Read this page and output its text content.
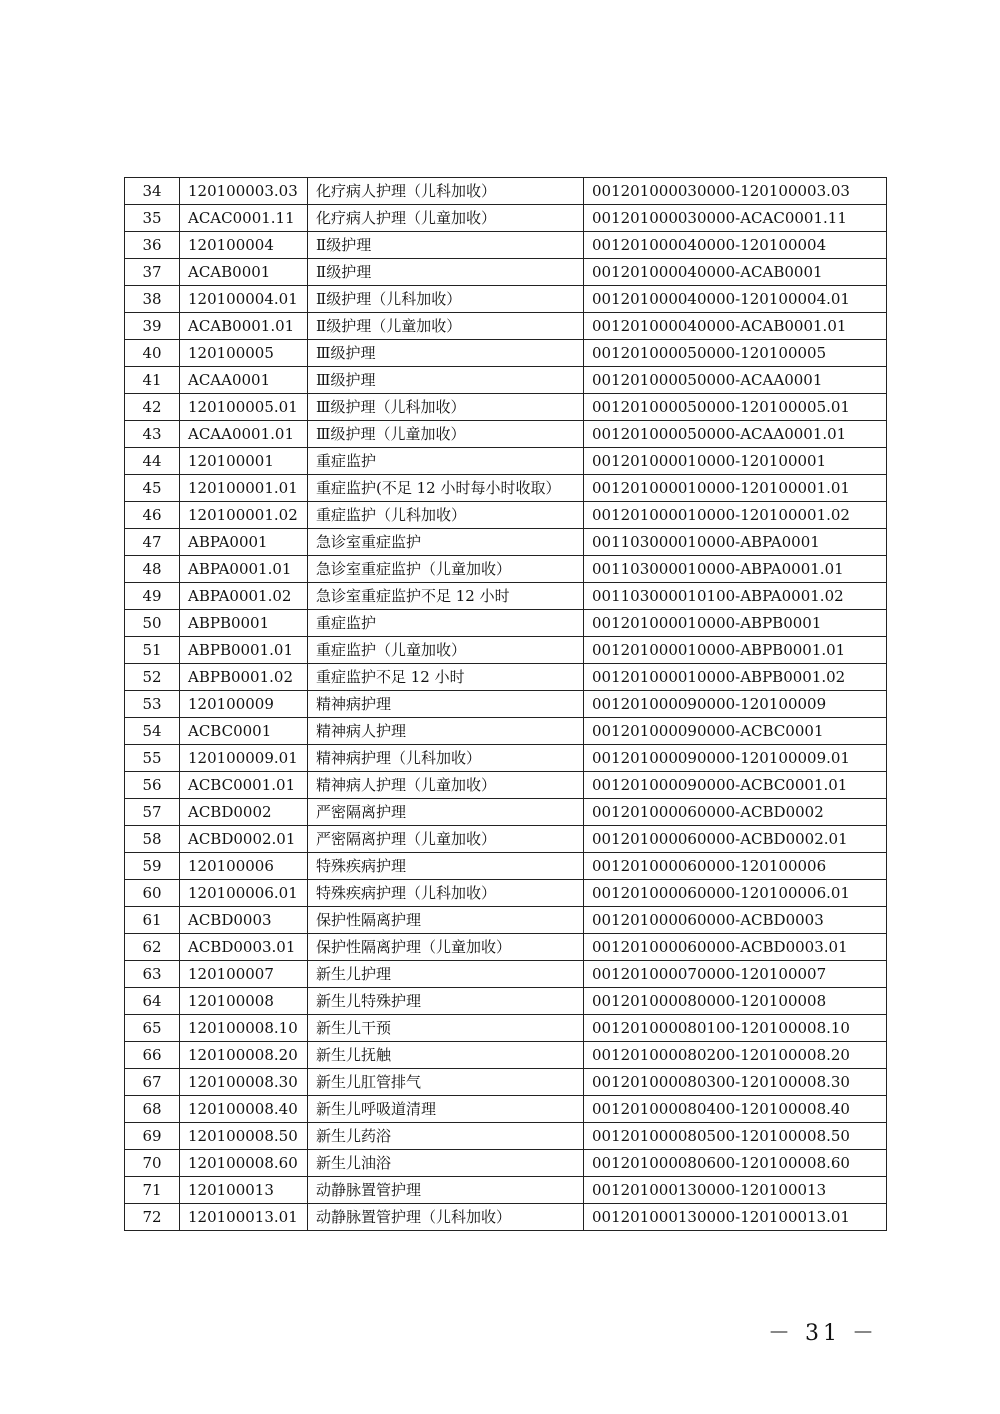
34	120100003.03	化疗病人护理（儿科加收）	001201000030000-120100003.03
35	ACAC0001.11	化疗病人护理（儿童加收）	001201000030000-ACAC0001.11
36	120100004	Ⅱ级护理	001201000040000-120100004
37	ACAB0001	Ⅱ级护理	001201000040000-ACAB0001
38	120100004.01	Ⅱ级护理（儿科加收）	001201000040000-120100004.01
39	ACAB0001.01	Ⅱ级护理（儿童加收）	001201000040000-ACAB0001.01
40	120100005	Ⅲ级护理	001201000050000-120100005
41	ACAA0001	Ⅲ级护理	001201000050000-ACAA0001
42	120100005.01	Ⅲ级护理（儿科加收）	001201000050000-120100005.01
43	ACAA0001.01	Ⅲ级护理（儿童加收）	001201000050000-ACAA0001.01
44	120100001	重症监护	001201000010000-120100001
45	120100001.01	重症监护(不足 12 小时每小时收取）	001201000010000-120100001.01
46	120100001.02	重症监护（儿科加收）	001201000010000-120100001.02
47	ABPA0001	急诊室重症监护	001103000010000-ABPA0001
48	ABPA0001.01	急诊室重症监护（儿童加收）	001103000010000-ABPA0001.01
49	ABPA0001.02	急诊室重症监护不足 12 小时	001103000010100-ABPA0001.02
50	ABPB0001	重症监护	001201000010000-ABPB0001
51	ABPB0001.01	重症监护（儿童加收）	001201000010000-ABPB0001.01
52	ABPB0001.02	重症监护不足 12 小时	001201000010000-ABPB0001.02
53	120100009	精神病护理	001201000090000-120100009
54	ACBC0001	精神病人护理	001201000090000-ACBC0001
55	120100009.01	精神病护理（儿科加收）	001201000090000-120100009.01
56	ACBC0001.01	精神病人护理（儿童加收）	001201000090000-ACBC0001.01
57	ACBD0002	严密隔离护理	001201000060000-ACBD0002
58	ACBD0002.01	严密隔离护理（儿童加收）	001201000060000-ACBD0002.01
59	120100006	特殊疾病护理	001201000060000-120100006
60	120100006.01	特殊疾病护理（儿科加收）	001201000060000-120100006.01
61	ACBD0003	保护性隔离护理	001201000060000-ACBD0003
62	ACBD0003.01	保护性隔离护理（儿童加收）	001201000060000-ACBD0003.01
63	120100007	新生儿护理	001201000070000-120100007
64	120100008	新生儿特殊护理	001201000080000-120100008
65	120100008.10	新生儿干预	001201000080100-120100008.10
66	120100008.20	新生儿抚触	001201000080200-120100008.20
67	120100008.30	新生儿肛管排气	001201000080300-120100008.30
68	120100008.40	新生儿呼吸道清理	001201000080400-120100008.40
69	120100008.50	新生儿药浴	001201000080500-120100008.50
70	120100008.60	新生儿油浴	001201000080600-120100008.60
71	120100013	动静脉置管护理	001201000130000-120100013
72	120100013.01	动静脉置管护理（儿科加收）	001201000130000-120100013.01
－ 31 －
